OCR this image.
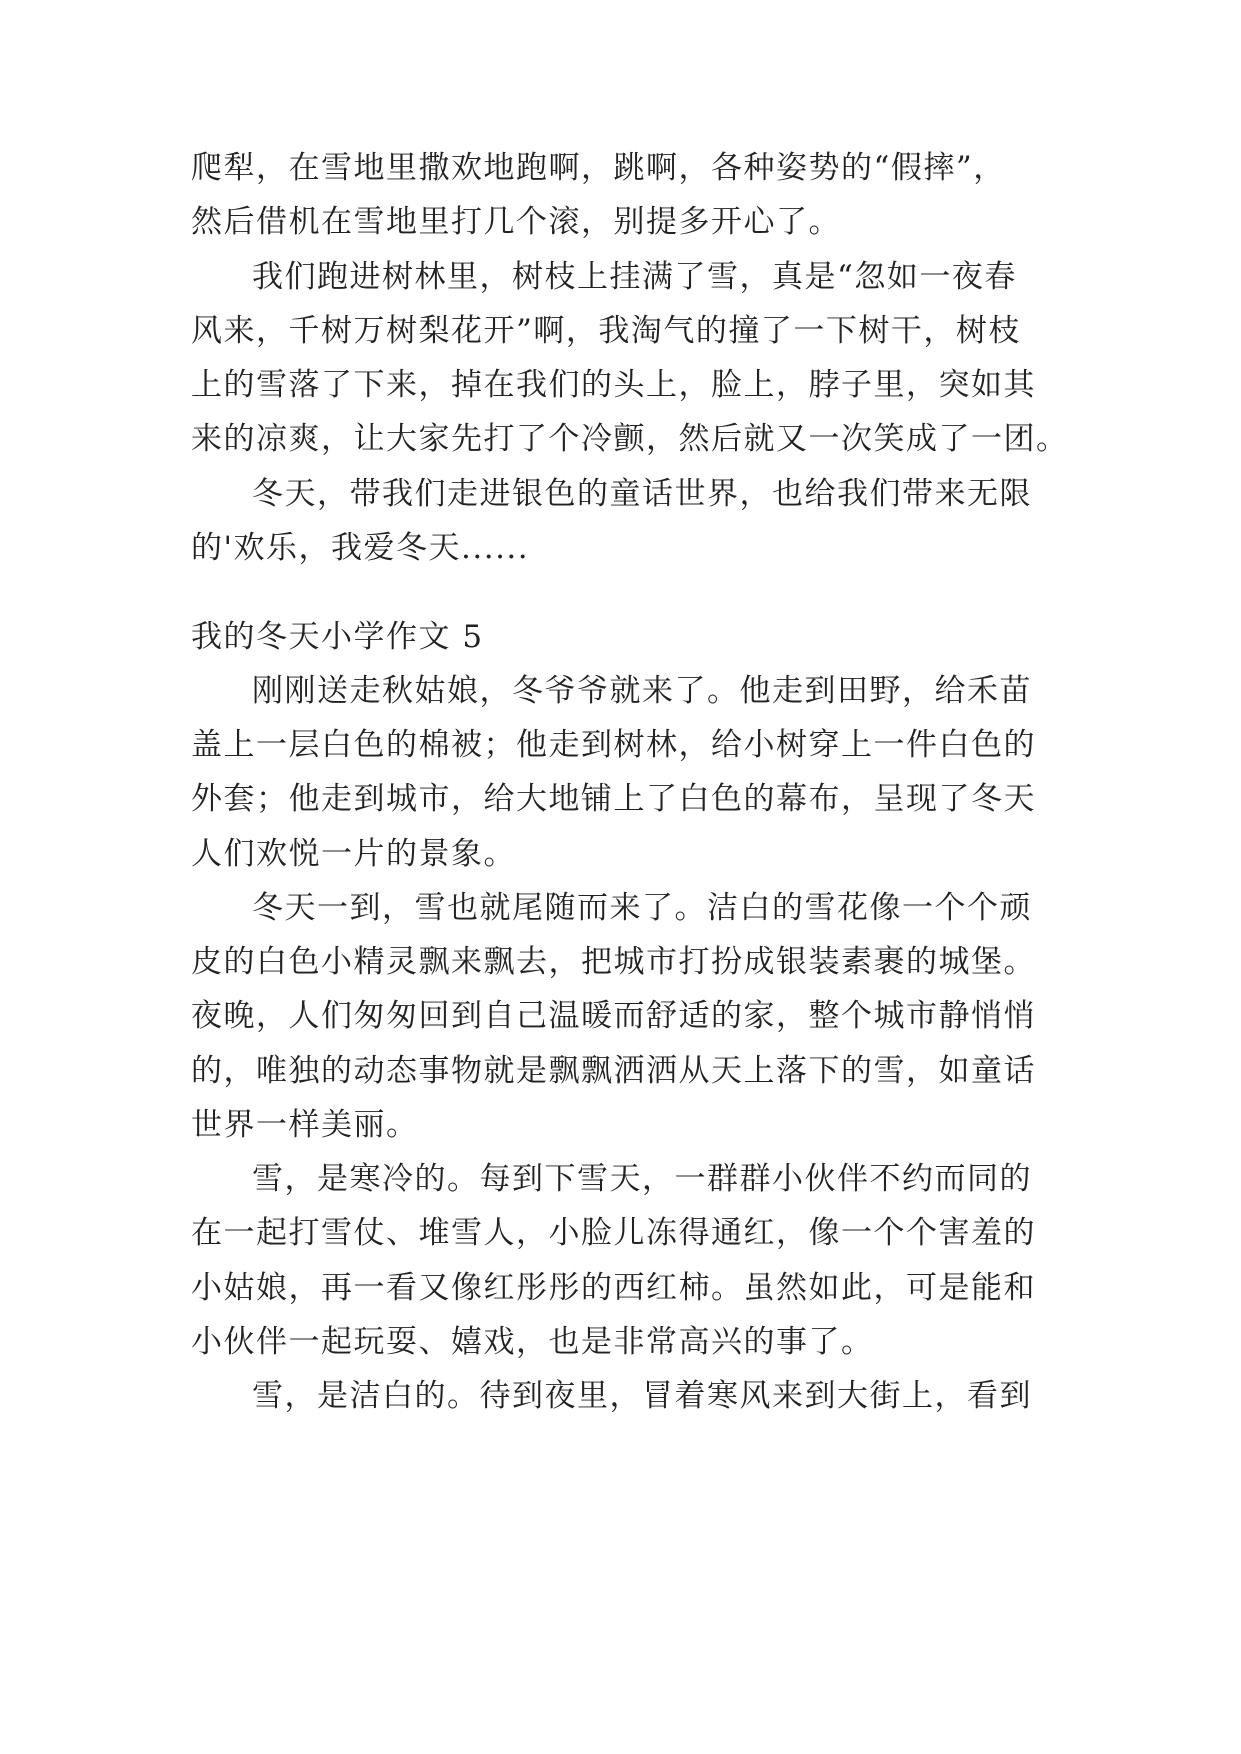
爬犁，在雪地里撒欢地跑啊，跳啊，各种姿势的“假摔”，
然后借机在雪地里打几个滚，别提多开心了。
我们跑进树林里，树枝上挂满了雪，真是“忽如一夜春
风来，千树万树梨花开”啊，我淘气的撞了一下树干，树枝
上的雪落了下来，掉在我们的头上，脸上，脖子里，突如其
来的凉爽，让大家先打了个冷颤，然后就又一次笑成了一团。
冬天，带我们走进银色的童话世界，也给我们带来无限
的'欢乐，我爱冬天......
我的冬天小学作文 5
刚刚送走秋姑娘，冬爷爷就来了。他走到田野，给禾苗
盖上一层白色的棉被；他走到树林，给小树穿上一件白色的
外套；他走到城市，给大地铺上了白色的幕布，呈现了冬天
人们欢悦一片的景象。
冬天一到，雪也就尾随而来了。洁白的雪花像一个个顽
皮的白色小精灵飘来飘去，把城市打扮成银装素裹的城堡。
夜晚，人们匆匆回到自己温暖而舒适的家，整个城市静悄悄
的，唯独的动态事物就是飘飘洒洒从天上落下的雪，如童话
世界一样美丽。
雪，是寒冷的。每到下雪天，一群群小伙伴不约而同的
在一起打雪仗、堆雪人，小脸儿冻得通红，像一个个害羞的
小姑娘，再一看又像红彤彤的西红柿。虽然如此，可是能和
小伙伴一起玩耍、嬉戏，也是非常高兴的事了。
雪，是洁白的。待到夜里，冒着寒风来到大街上，看到
